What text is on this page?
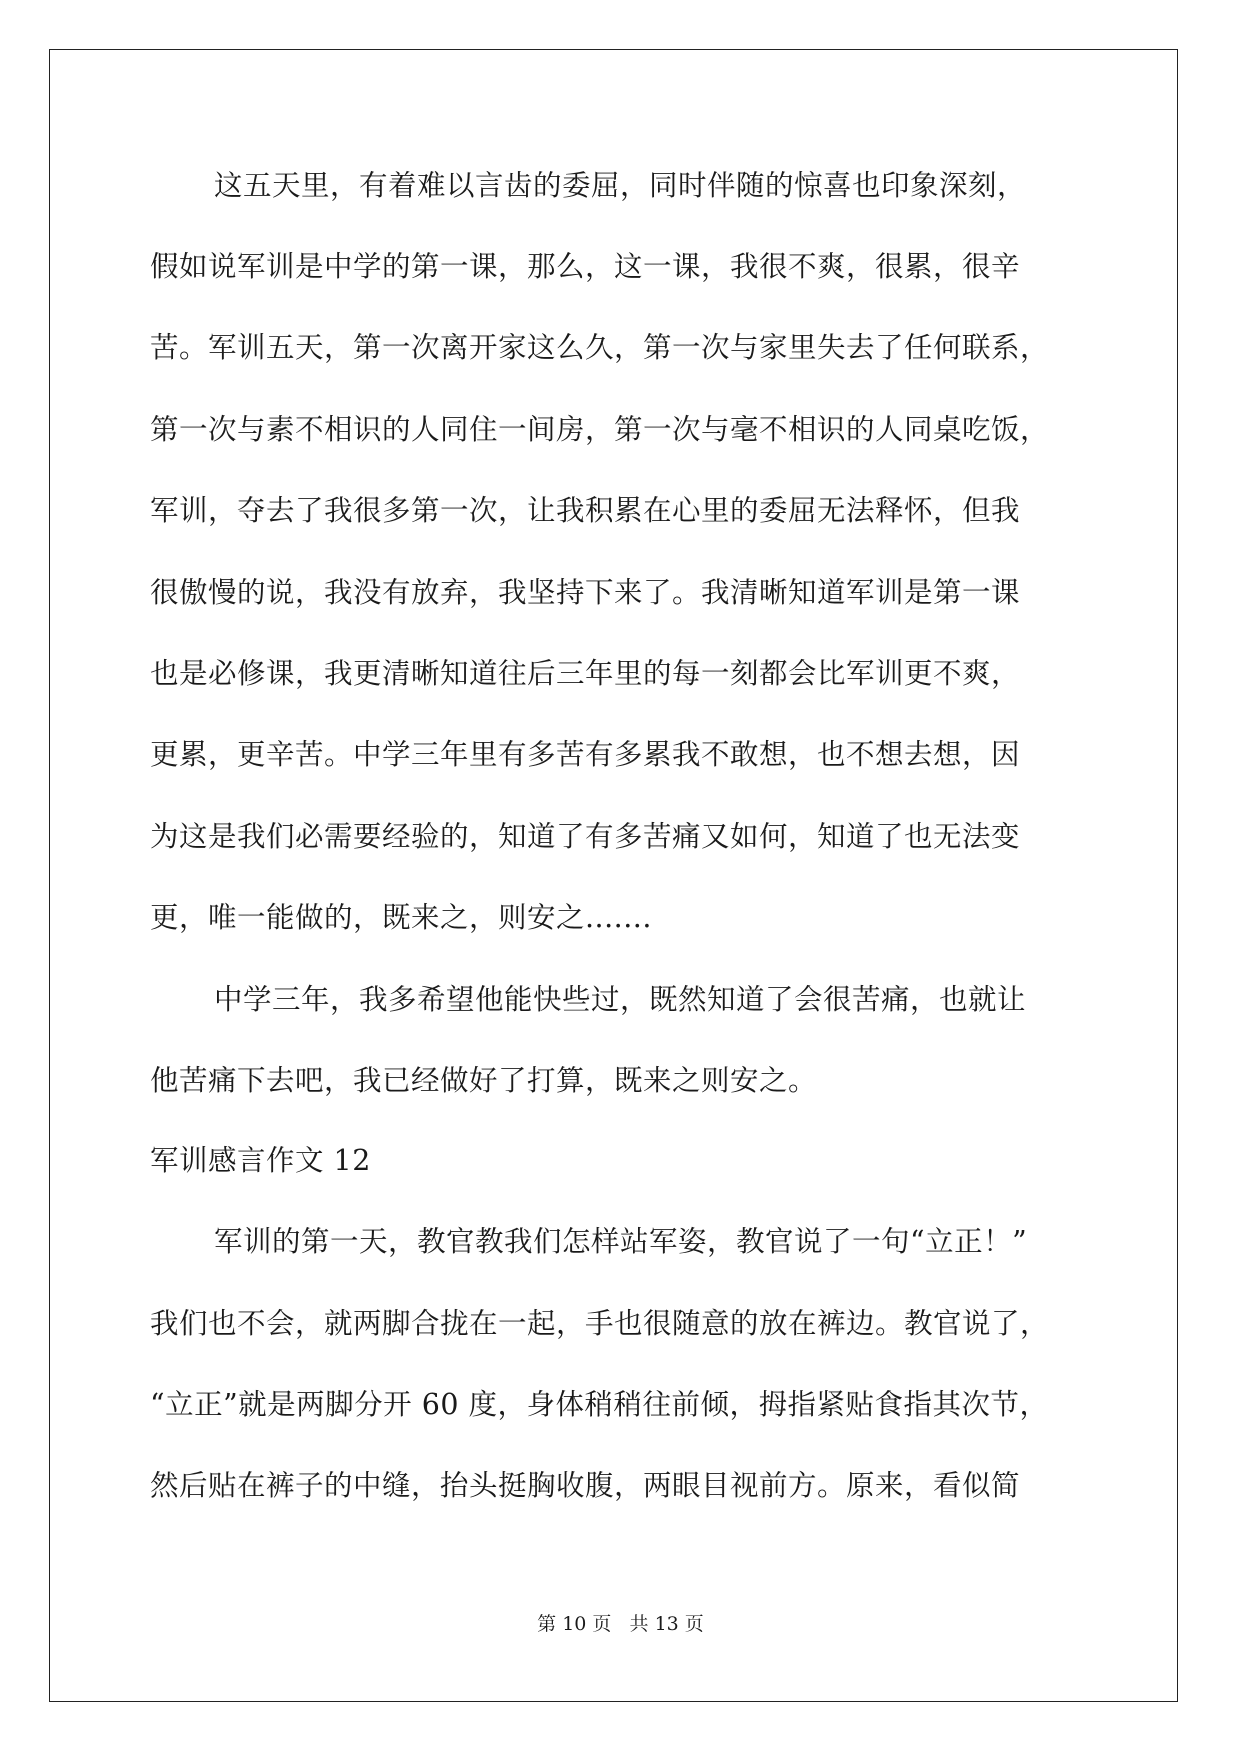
这五天里，有着难以言齿的委屈，同时伴随的惊喜也印象深刻，
假如说军训是中学的第一课，那么，这一课，我很不爽，很累，很辛
苦。军训五天，第一次离开家这么久，第一次与家里失去了任何联系，
第一次与素不相识的人同住一间房，第一次与毫不相识的人同桌吃饭，
军训，夺去了我很多第一次，让我积累在心里的委屈无法释怀，但我
很傲慢的说，我没有放弃，我坚持下来了。我清晰知道军训是第一课
也是必修课，我更清晰知道往后三年里的每一刻都会比军训更不爽，
更累，更辛苦。中学三年里有多苦有多累我不敢想，也不想去想，因
为这是我们必需要经验的，知道了有多苦痛又如何，知道了也无法变
更，唯一能做的，既来之，则安之.......
中学三年，我多希望他能快些过，既然知道了会很苦痛，也就让
他苦痛下去吧，我已经做好了打算，既来之则安之。
军训感言作文 12
军训的第一天，教官教我们怎样站军姿，教官说了一句“立正！”
我们也不会，就两脚合拢在一起，手也很随意的放在裤边。教官说了，
“立正”就是两脚分开 60 度，身体稍稍往前倾，拇指紧贴食指其次节，
然后贴在裤子的中缝，抬头挺胸收腹，两眼目视前方。原来，看似简
第 10 页   共 13 页
